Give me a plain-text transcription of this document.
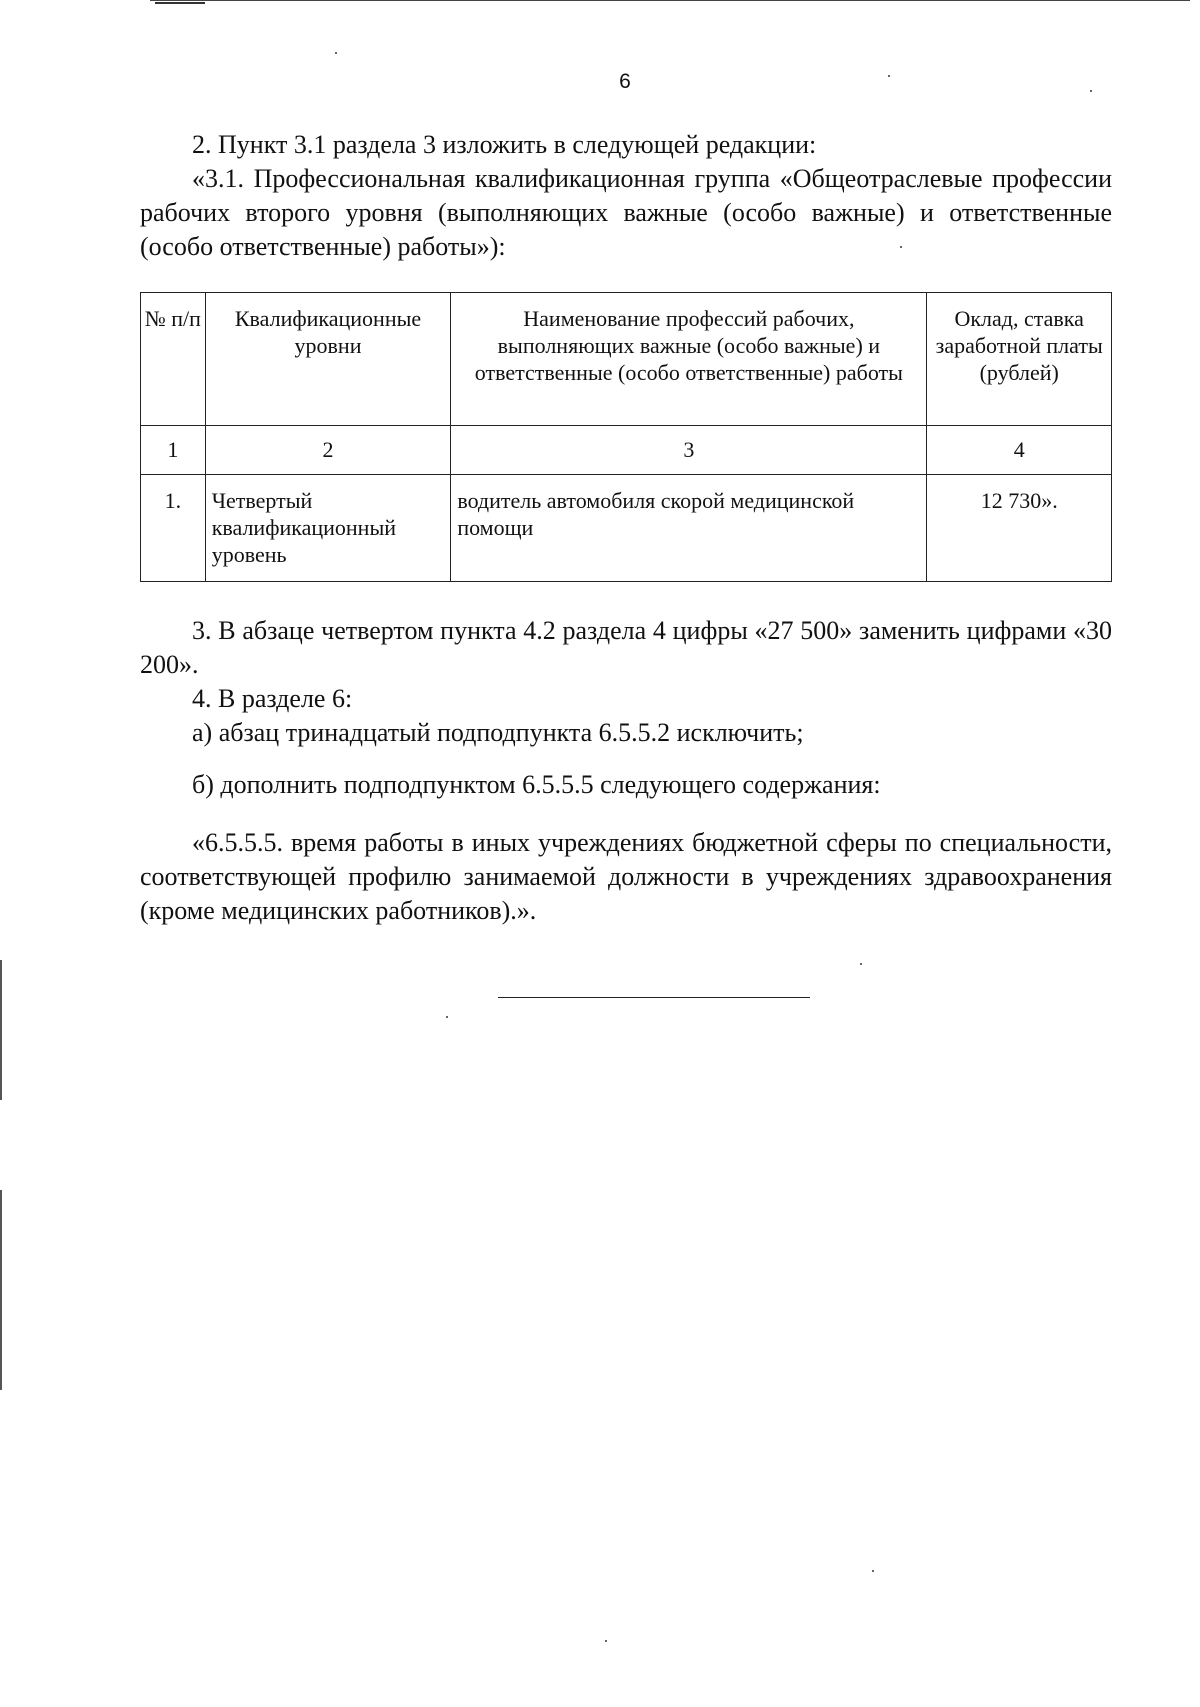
6
2. Пункт 3.1 раздела 3 изложить в следующей редакции:
«3.1. Профессиональная квалификационная группа «Общеотраслевые профессии рабочих второго уровня (выполняющих важные (особо важные) и ответственные (особо ответственные) работы»):
№ п/п	Квалификационные уровни	Наименование профессий рабочих, выполняющих важные (особо важные) и ответственные (особо ответственные) работы	Оклад, ставка заработной платы (рублей)

1	2	3	4

1.	Четвертый квалификационный уровень	водитель автомобиля скорой медицинской помощи	12 730».
3. В абзаце четвертом пункта 4.2 раздела 4 цифры «27 500» заменить цифрами «30 200».
4. В разделе 6:
а) абзац тринадцатый подподпункта 6.5.5.2 исключить;
б) дополнить подподпунктом 6.5.5.5 следующего содержания:
«6.5.5.5. время работы в иных учреждениях бюджетной сферы по специальности, соответствующей профилю занимаемой должности в учреждениях здравоохранения (кроме медицинских работников).».
